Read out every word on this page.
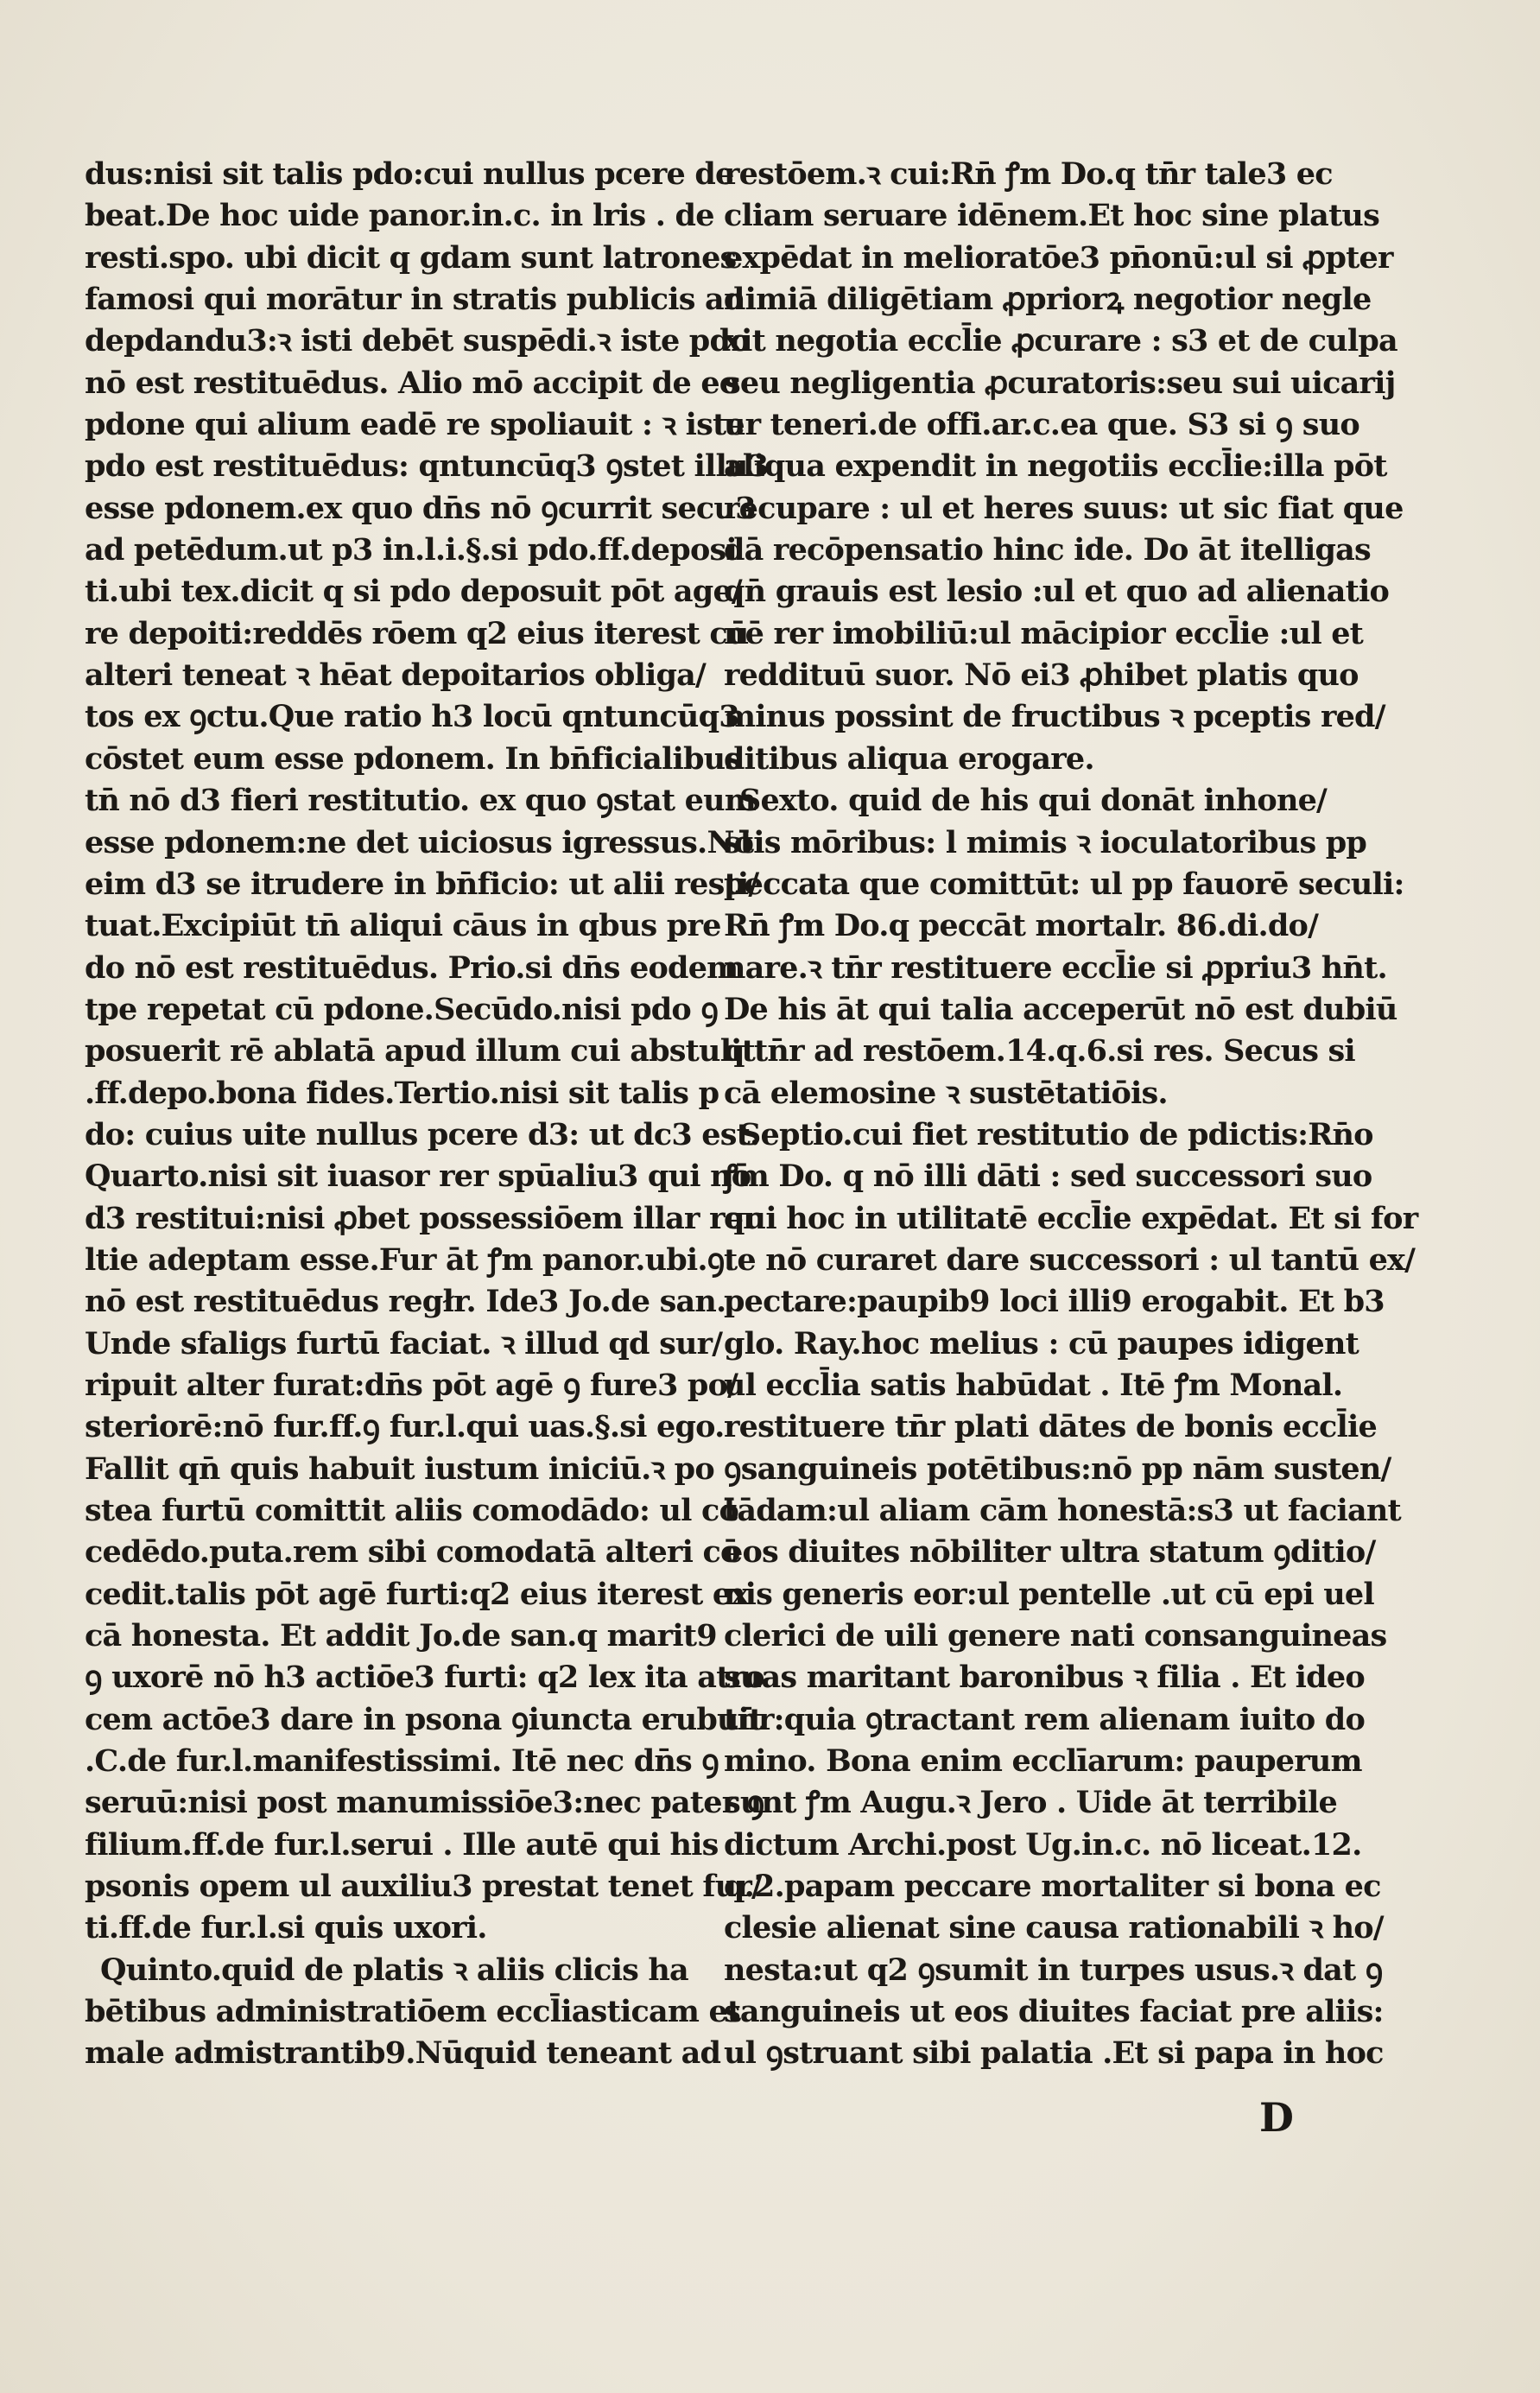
dus:nisi sit talis pdo:cui nullus pcere de
beat.De hoc uide panor.in.c. in lris . de
resti.spo. ubi dicit q gdam sunt latrones
famosi qui morātur in stratis publicis ad
depdandu3:ꝛ isti debēt suspēdi.ꝛ iste pdo
nō est restituēdus. Alio mō accipit de eo
pdone qui alium eadē re spoliauit : ꝛ iste
pdo est restituēdus: qntuncūq3 ꝯstet illu3
esse pdonem.ex quo dn̄s nō ꝯcurrit secu3
ad petēdum.ut p3 in.l.i.§.si pdo.ff.deposi
ti.ubi tex.dicit q si pdo deposuit pōt age/
re depoiti:reddēs rōem q2 eius iterest cū
alteri teneat ꝛ hēat depoitarios obliga/
tos ex ꝯctu.Que ratio h3 locū qntuncūq3
cōstet eum esse pdonem. In bn̄ficialibus
tn̄ nō d3 fieri restitutio. ex quo ꝯstat eum
esse pdonem:ne det uiciosus igressus.Nō
eim d3 se itrudere in bn̄ficio: ut alii resti/
tuat.Excipiūt tn̄ aliqui cāus in qbus pre
do nō est restituēdus. Prio.si dn̄s eodem
tpe repetat cū pdone.Secūdo.nisi pdo ꝯ
posuerit rē ablatā apud illum cui abstulit
.ff.depo.bona fides.Tertio.nisi sit talis p
do: cuius uite nullus pcere d3: ut dc3 est.
Quarto.nisi sit iuasor rer spūaliu3 qui nō
d3 restitui:nisi ꝓbet possessiōem illar rer
ltie adeptam esse.Fur āt ꝭm panor.ubi.ꝯ.
nō est restituēdus regłr. Ide3 Jo.de san.
Unde sfaligs furtū faciat. ꝛ illud qd sur/
ripuit alter furat:dn̄s pōt agē ꝯ fure3 po/
steriorē:nō fur.ff.ꝯ fur.l.qui uas.§.si ego.
Fallit qn̄ quis habuit iustum iniciū.ꝛ po
stea furtū comittit aliis comodādo: ul cō
cedēdo.puta.rem sibi comodatā alteri cō
cedit.talis pōt agē furti:q2 eius iterest ex
cā honesta. Et addit Jo.de san.q marit9
ꝯ uxorē nō h3 actiōe3 furti: q2 lex ita atro
cem actōe3 dare in psona ꝯiuncta erubuit
.C.de fur.l.manifestissimi. Itē nec dn̄s ꝯ
seruū:nisi post manumissiōe3:nec pater ꝯ
filium.ff.de fur.l.serui . Ille autē qui his
psonis opem ul auxiliu3 prestat tenet fur/
ti.ff.de fur.l.si quis uxori.
Quinto.quid de platis ꝛ aliis clicis ha
bētibus administratiōem eccl̄iasticam et
male admistrantib9.Nūquid teneant ad
restōem.ꝛ cui:Rn̄ ꝭm Do.q tn̄r tale3 ec
cliam seruare idēnem.Et hoc sine platus
expēdat in melioratōe3 pn̄onū:ul si ꝓpter
nimiā diligētiam ꝓpriorꝝ negotior negle
xit negotia eccl̄ie ꝓcurare : s3 et de culpa
seu negligentia ꝓcuratoris:seu sui uicarij
ur teneri.de offi.ar.c.ea que. S3 si ꝯ suo
aliqua expendit in negotiis eccl̄ie:illa pōt
recupare : ul et heres suus: ut sic fiat que
dā recōpensatio hinc ide. Do āt itelligas
qn̄ grauis est lesio :ul et quo ad alienatio
nē rer imobiliū:ul mācipior eccl̄ie :ul et
reddituū suor. Nō ei3 ꝓhibet platis quo
minus possint de fructibus ꝛ pceptis red/
ditibus aliqua erogare.
Sexto. quid de his qui donāt inhone/
stis mōribus: l mimis ꝛ ioculatoribus pp
peccata que comittūt: ul pp fauorē seculi:
Rn̄ ꝭm Do.q peccāt mortalr. 86.di.do/
nare.ꝛ tn̄r restituere eccl̄ie si ꝓpriu3 hn̄t.
De his āt qui talia acceperūt nō est dubiū
q tn̄r ad restōem.14.q.6.si res. Secus si
cā elemosine ꝛ sustētatiōis.
Septio.cui fiet restitutio de pdictis:Rn̄o
ꝭm Do. q nō illi dāti : sed successori suo
qui hoc in utilitatē eccl̄ie expēdat. Et si for
te nō curaret dare successori : ul tantū ex/
pectare:paupib9 loci illi9 erogabit. Et b3
glo. Ray.hoc melius : cū paupes idigent
ul eccl̄ia satis habūdat . Itē ꝭm Monal.
restituere tn̄r plati dātes de bonis eccl̄ie
ꝯsanguineis potētibus:nō pp nām susten/
tādam:ul aliam cām honestā:s3 ut faciant
eos diuites nōbiliter ultra statum ꝯditio/
nis generis eor:ul pentelle .ut cū epi uel
clerici de uili genere nati consanguineas
suas maritant baronibus ꝛ filia . Et ideo
tn̄r:quia ꝯtractant rem alienam iuito do
mino. Bona enim ecclīarum: pauperum
sunt ꝭm Augu.ꝛ Jero . Uide āt terribile
dictum Archi.post Ug.in.c. nō liceat.12.
q.2.papam peccare mortaliter si bona ec
clesie alienat sine causa rationabili ꝛ ho/
nesta:ut q2 ꝯsumit in turpes usus.ꝛ dat ꝯ
sanguineis ut eos diuites faciat pre aliis:
ul ꝯstruant sibi palatia .Et si papa in hoc
D
